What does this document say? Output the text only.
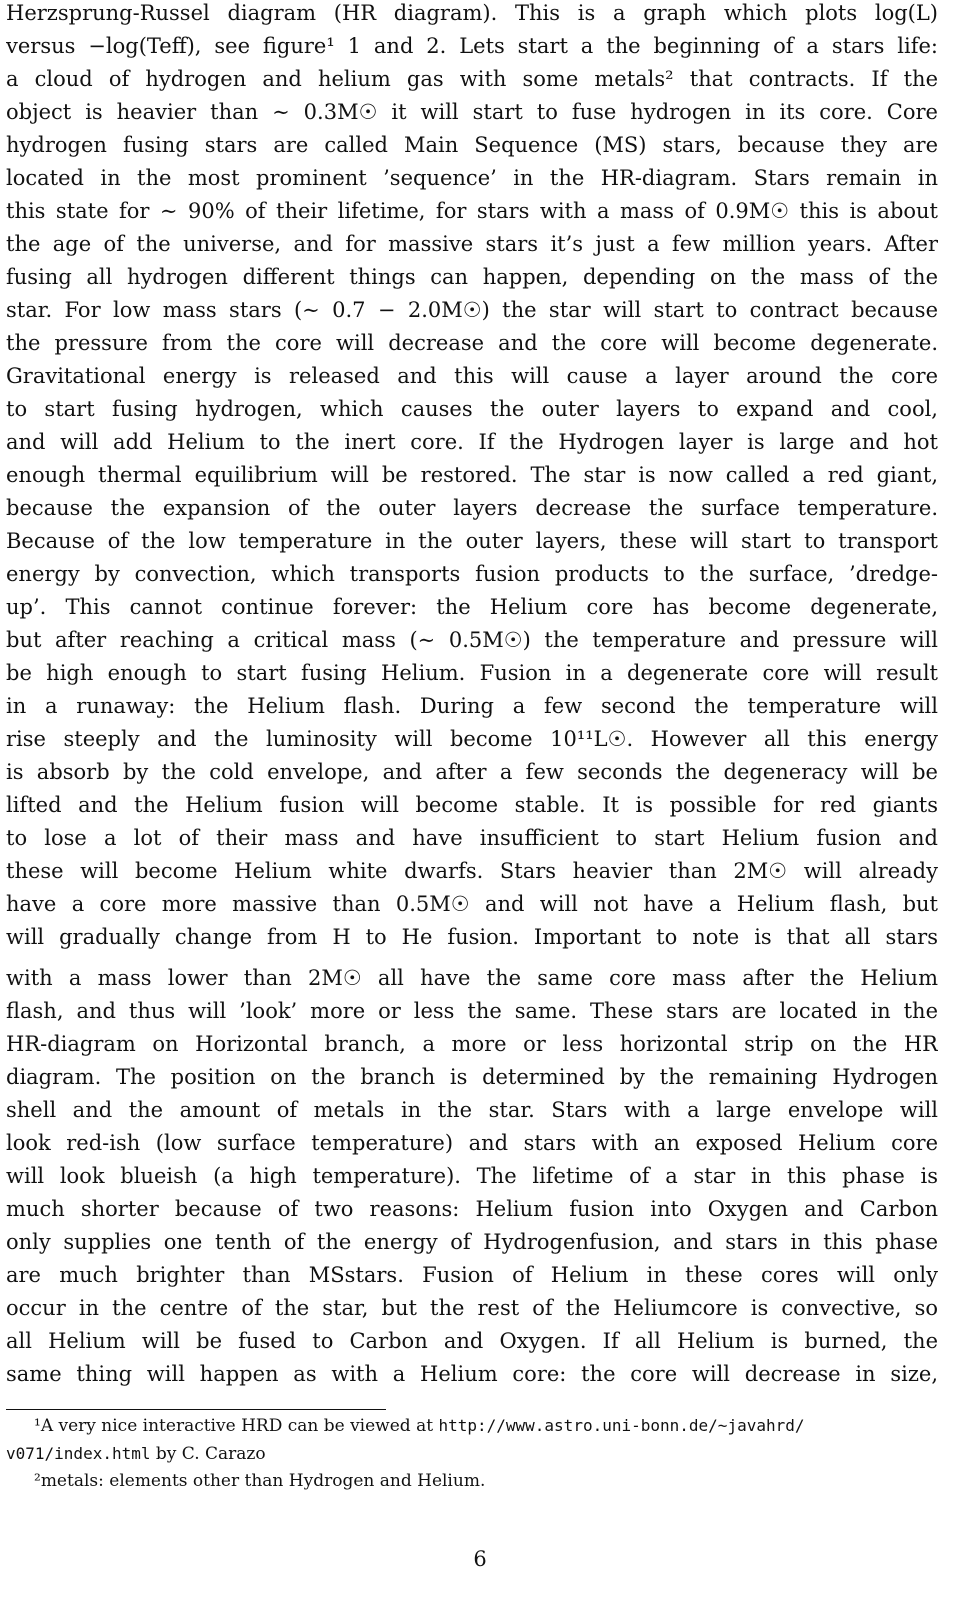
Herzsprung-Russel diagram (HR diagram). This is a graph which plots log(L)
versus −log(Teff), see figure¹ 1 and 2. Lets start a the beginning of a stars life:
a cloud of hydrogen and helium gas with some metals² that contracts. If the
object is heavier than ∼ 0.3M☉ it will start to fuse hydrogen in its core. Core
hydrogen fusing stars are called Main Sequence (MS) stars, because they are
located in the most prominent ’sequence’ in the HR-diagram. Stars remain in
this state for ∼ 90% of their lifetime, for stars with a mass of 0.9M☉ this is about
the age of the universe, and for massive stars it’s just a few million years. After
fusing all hydrogen different things can happen, depending on the mass of the
star. For low mass stars (∼ 0.7 − 2.0M☉) the star will start to contract because
the pressure from the core will decrease and the core will become degenerate.
Gravitational energy is released and this will cause a layer around the core
to start fusing hydrogen, which causes the outer layers to expand and cool,
and will add Helium to the inert core. If the Hydrogen layer is large and hot
enough thermal equilibrium will be restored. The star is now called a red giant,
because the expansion of the outer layers decrease the surface temperature.
Because of the low temperature in the outer layers, these will start to transport
energy by convection, which transports fusion products to the surface, ’dredge-
up’. This cannot continue forever: the Helium core has become degenerate,
but after reaching a critical mass (∼ 0.5M☉) the temperature and pressure will
be high enough to start fusing Helium. Fusion in a degenerate core will result
in a runaway: the Helium flash. During a few second the temperature will
rise steeply and the luminosity will become 10¹¹L☉. However all this energy
is absorb by the cold envelope, and after a few seconds the degeneracy will be
lifted and the Helium fusion will become stable. It is possible for red giants
to lose a lot of their mass and have insufficient to start Helium fusion and
these will become Helium white dwarfs. Stars heavier than 2M☉ will already
have a core more massive than 0.5M☉ and will not have a Helium flash, but
will gradually change from H to He fusion. Important to note is that all stars
with a mass lower than 2M☉ all have the same core mass after the Helium
flash, and thus will ’look’ more or less the same. These stars are located in the
HR-diagram on Horizontal branch, a more or less horizontal strip on the HR
diagram. The position on the branch is determined by the remaining Hydrogen
shell and the amount of metals in the star. Stars with a large envelope will
look red-ish (low surface temperature) and stars with an exposed Helium core
will look blueish (a high temperature). The lifetime of a star in this phase is
much shorter because of two reasons: Helium fusion into Oxygen and Carbon
only supplies one tenth of the energy of Hydrogenfusion, and stars in this phase
are much brighter than MSstars. Fusion of Helium in these cores will only
occur in the centre of the star, but the rest of the Heliumcore is convective, so
all Helium will be fused to Carbon and Oxygen. If all Helium is burned, the
same thing will happen as with a Helium core: the core will decrease in size,
¹A very nice interactive HRD can be viewed at http://www.astro.uni-bonn.de/~javahrd/
v071/index.html by C. Carazo
²metals: elements other than Hydrogen and Helium.
6
